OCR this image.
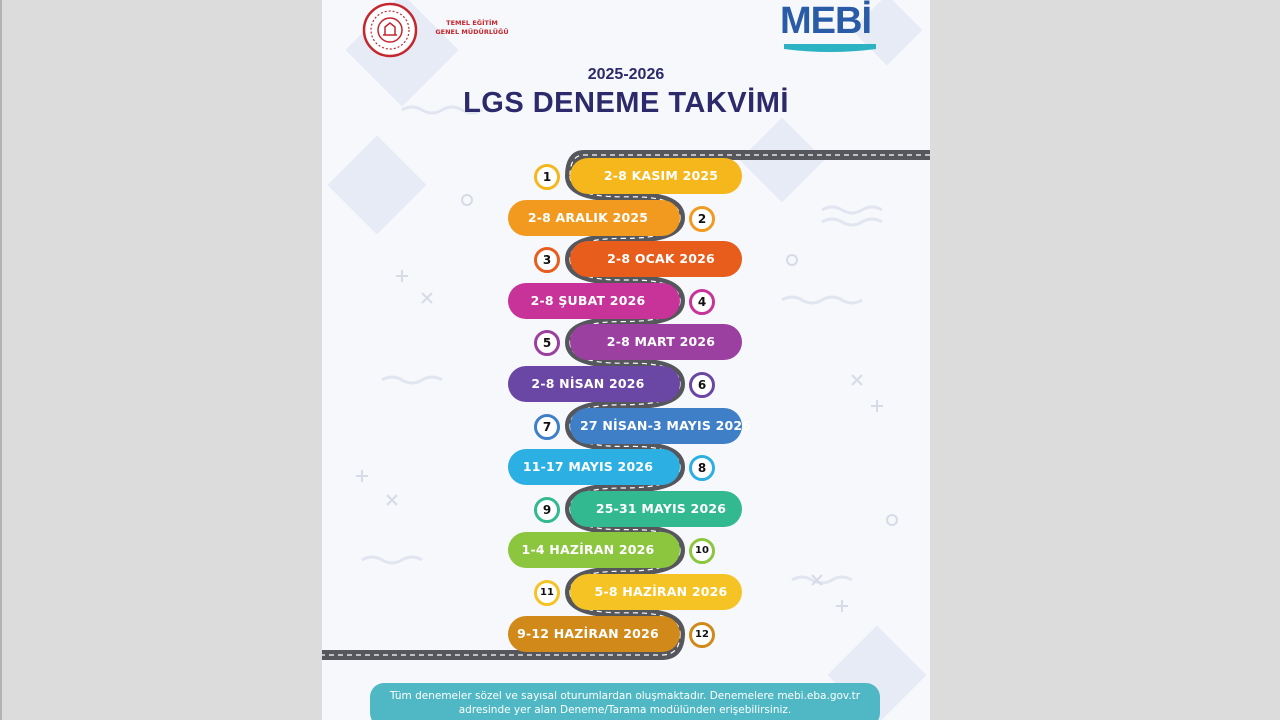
TEMEL EĞİTİM
GENEL MÜDÜRLÜĞÜ	MEBİ
2025-2026
LGS DENEME TAKVİMİ
2-8 KASIM 2025
1
2-8 ARALIK 2025	2
2-8 OCAK 2026
3
2-8 ŞUBAT 2026	4
2-8 MART 2026
5
2-8 NİSAN 2026	6
27 NİSAN-3 MAYIS 2026
7
11-17 MAYIS 2026	8
25-31 MAYIS 2026
9
1-4 HAZİRAN 2026	10
5-8 HAZİRAN 2026
11
9-12 HAZİRAN 2026	12
Tüm denemeler sözel ve sayısal oturumlardan oluşmaktadır. Denemelere mebi.eba.gov.tr
adresinde yer alan Deneme/Tarama modülünden erişebilirsiniz.
